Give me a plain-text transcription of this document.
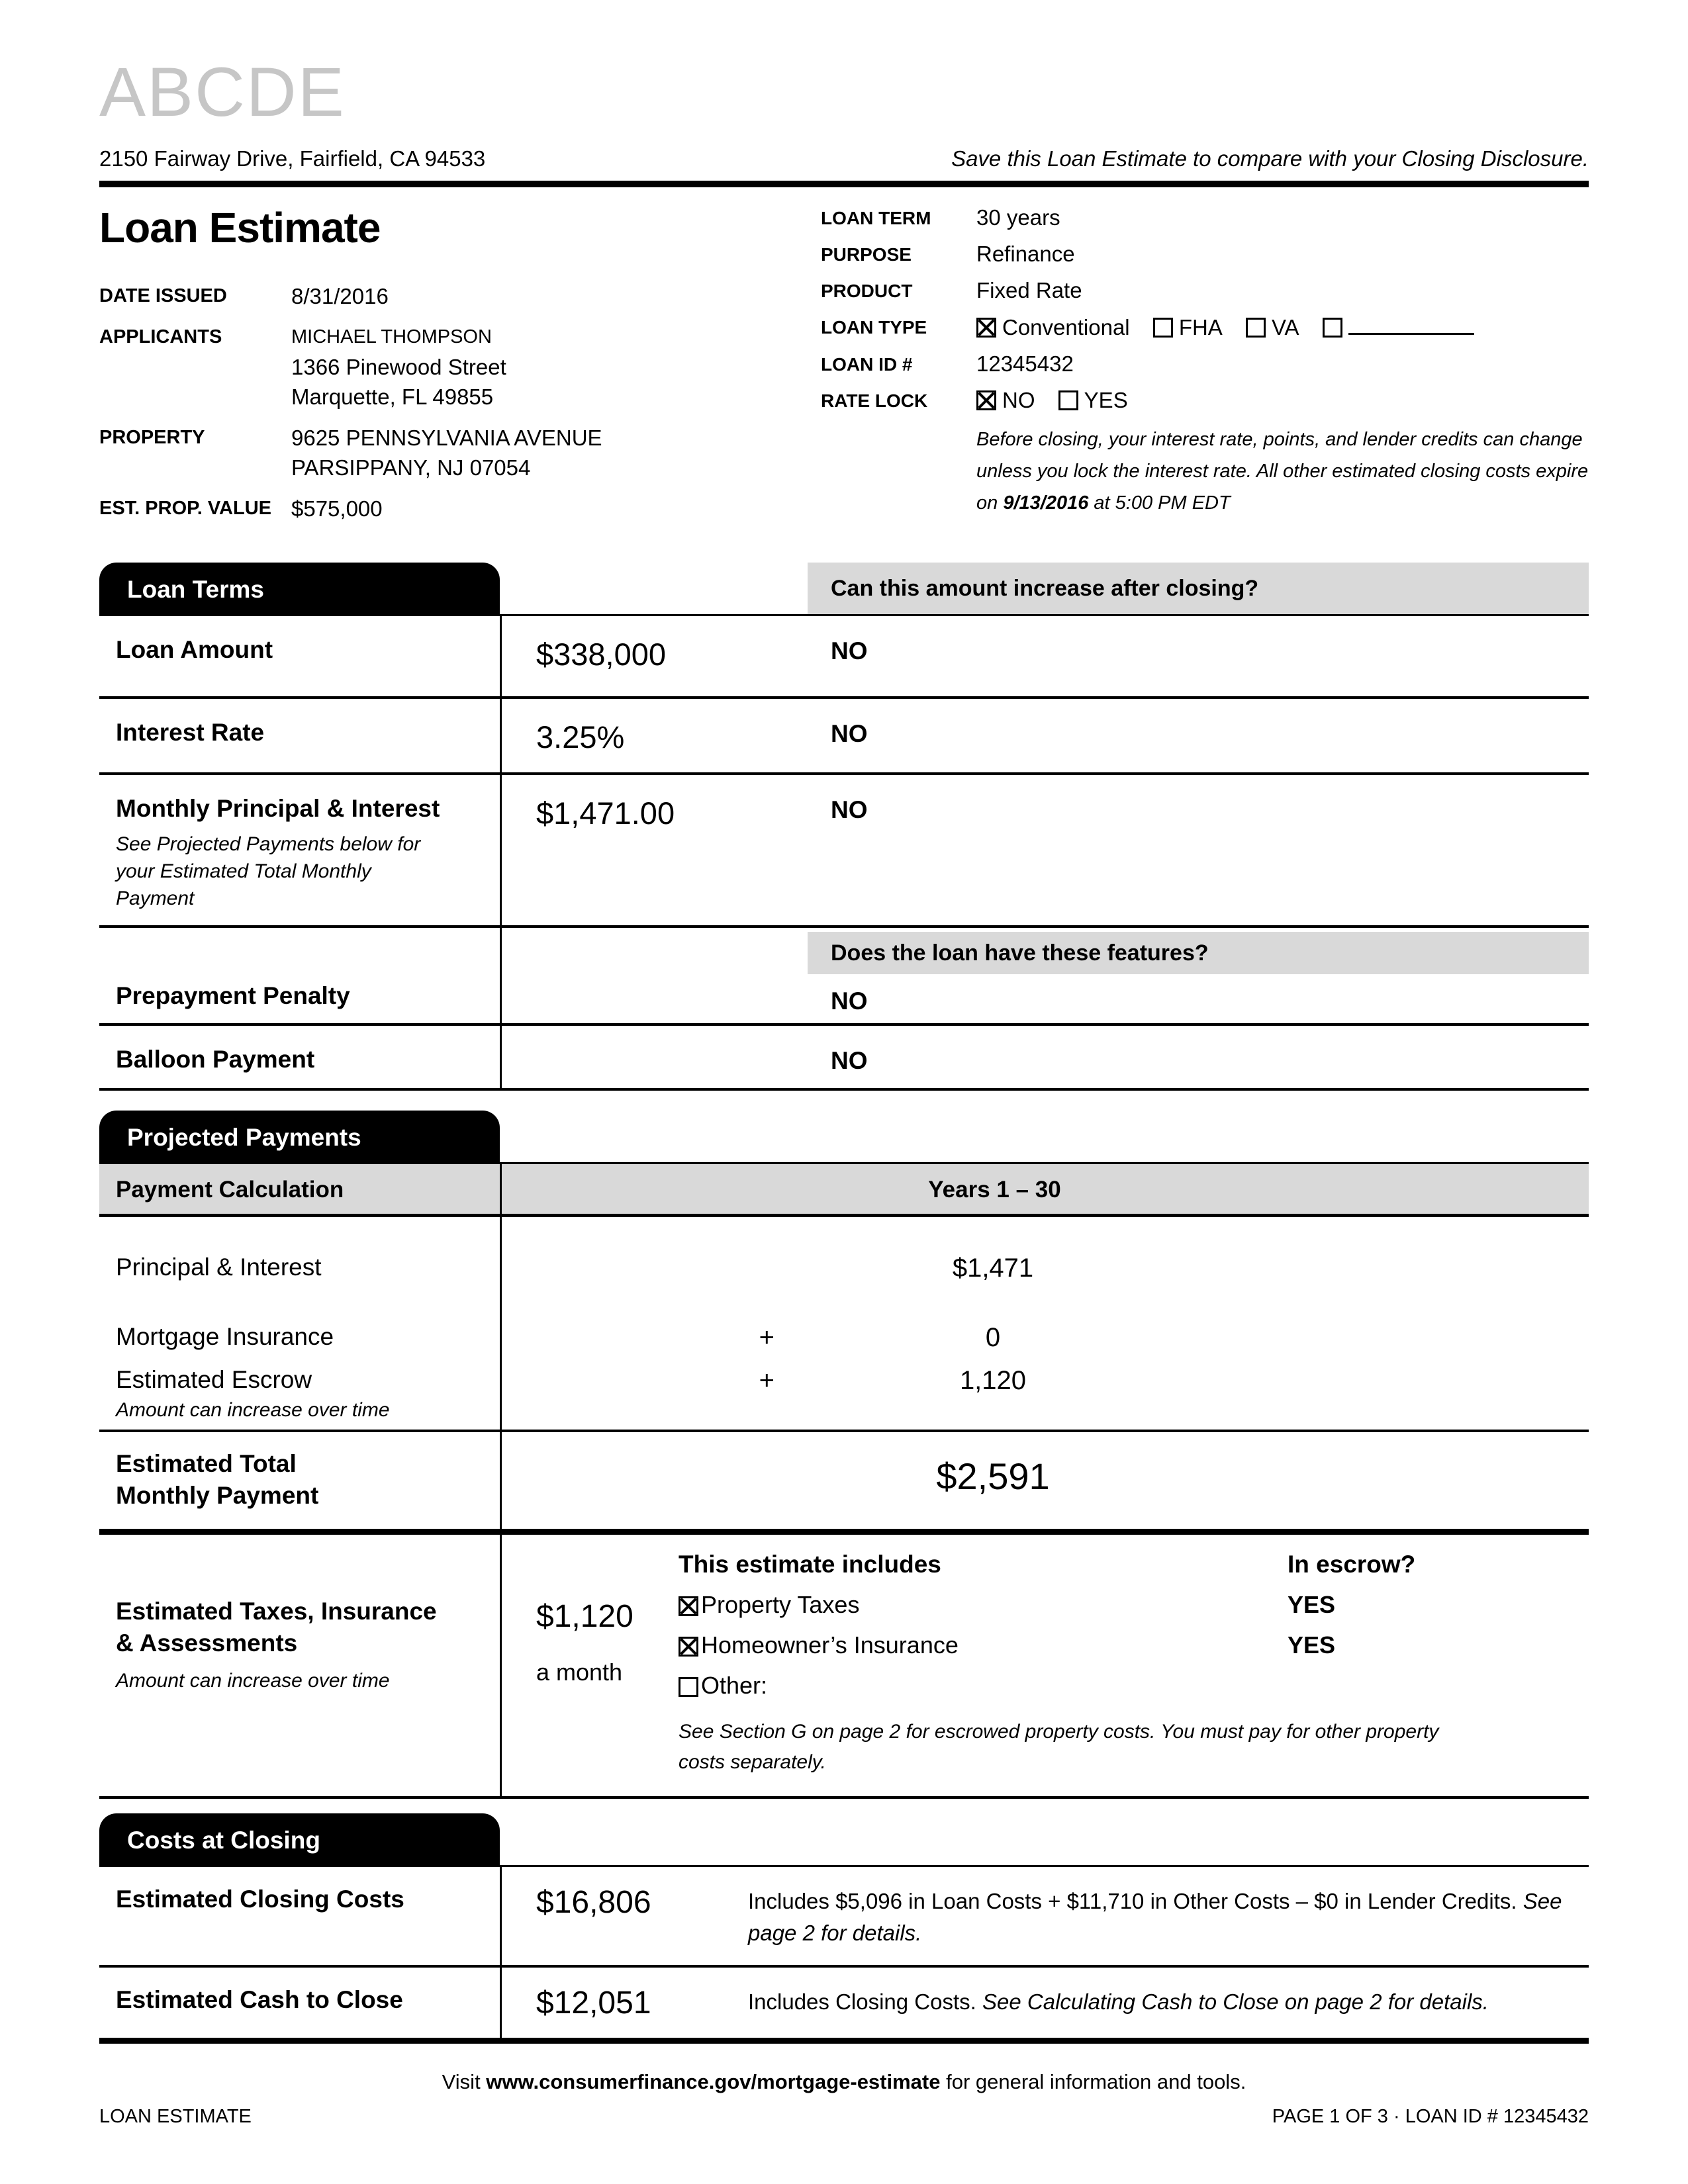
ABCDE
2150 Fairway Drive, Fairfield, CA 94533	Save this Loan Estimate to compare with your Closing Disclosure.
Loan Estimate
DATE ISSUED	8/31/2016
APPLICANTS	MICHAEL THOMPSON
1366 Pinewood Street
Marquette, FL 49855
PROPERTY	9625 PENNSYLVANIA AVENUE
PARSIPPANY, NJ 07054
EST. PROP. VALUE $575,000
LOAN TERM	30 years
PURPOSE	Refinance
PRODUCT	Fixed Rate
LOAN TYPE	Conventional FHA VA
LOAN ID #	12345432
RATE LOCK	NO YES
Before closing, your interest rate, points, and lender credits can change unless you lock the interest rate. All other estimated closing costs expire on 9/13/2016 at 5:00 PM EDT
Loan Terms	Can this amount increase after closing?
Loan Amount	$338,000	NO
Interest Rate	3.25%	NO
Monthly Principal & Interest
See Projected Payments below for your Estimated Total Monthly Payment
$1,471.00	NO
Prepayment Penalty
Does the loan have these features?
NO
Balloon Payment	NO
Projected Payments
Payment Calculation	Years 1 – 30
Principal & Interest	$1,471
Mortgage Insurance	+	0
Estimated Escrow
Amount can increase over time
+	1,120
Estimated Total
Monthly Payment	$2,591
Estimated Taxes, Insurance
& Assessments
Amount can increase over time
$1,120
a month
This estimate includes	In escrow?
Property Taxes	YES
Homeowner’s Insurance	YES
Other:
See Section G on page 2 for escrowed property costs. You must pay for other property costs separately.
Costs at Closing
Estimated Closing Costs	$16,806	Includes $5,096 in Loan Costs + $11,710 in Other Costs – $0 in Lender Credits. See page 2 for details.
Estimated Cash to Close	$12,051	Includes Closing Costs. See Calculating Cash to Close on page 2 for details.
Visit www.consumerfinance.gov/mortgage-estimate for general information and tools.
LOAN ESTIMATE	PAGE 1 OF 3 · LOAN ID # 12345432
